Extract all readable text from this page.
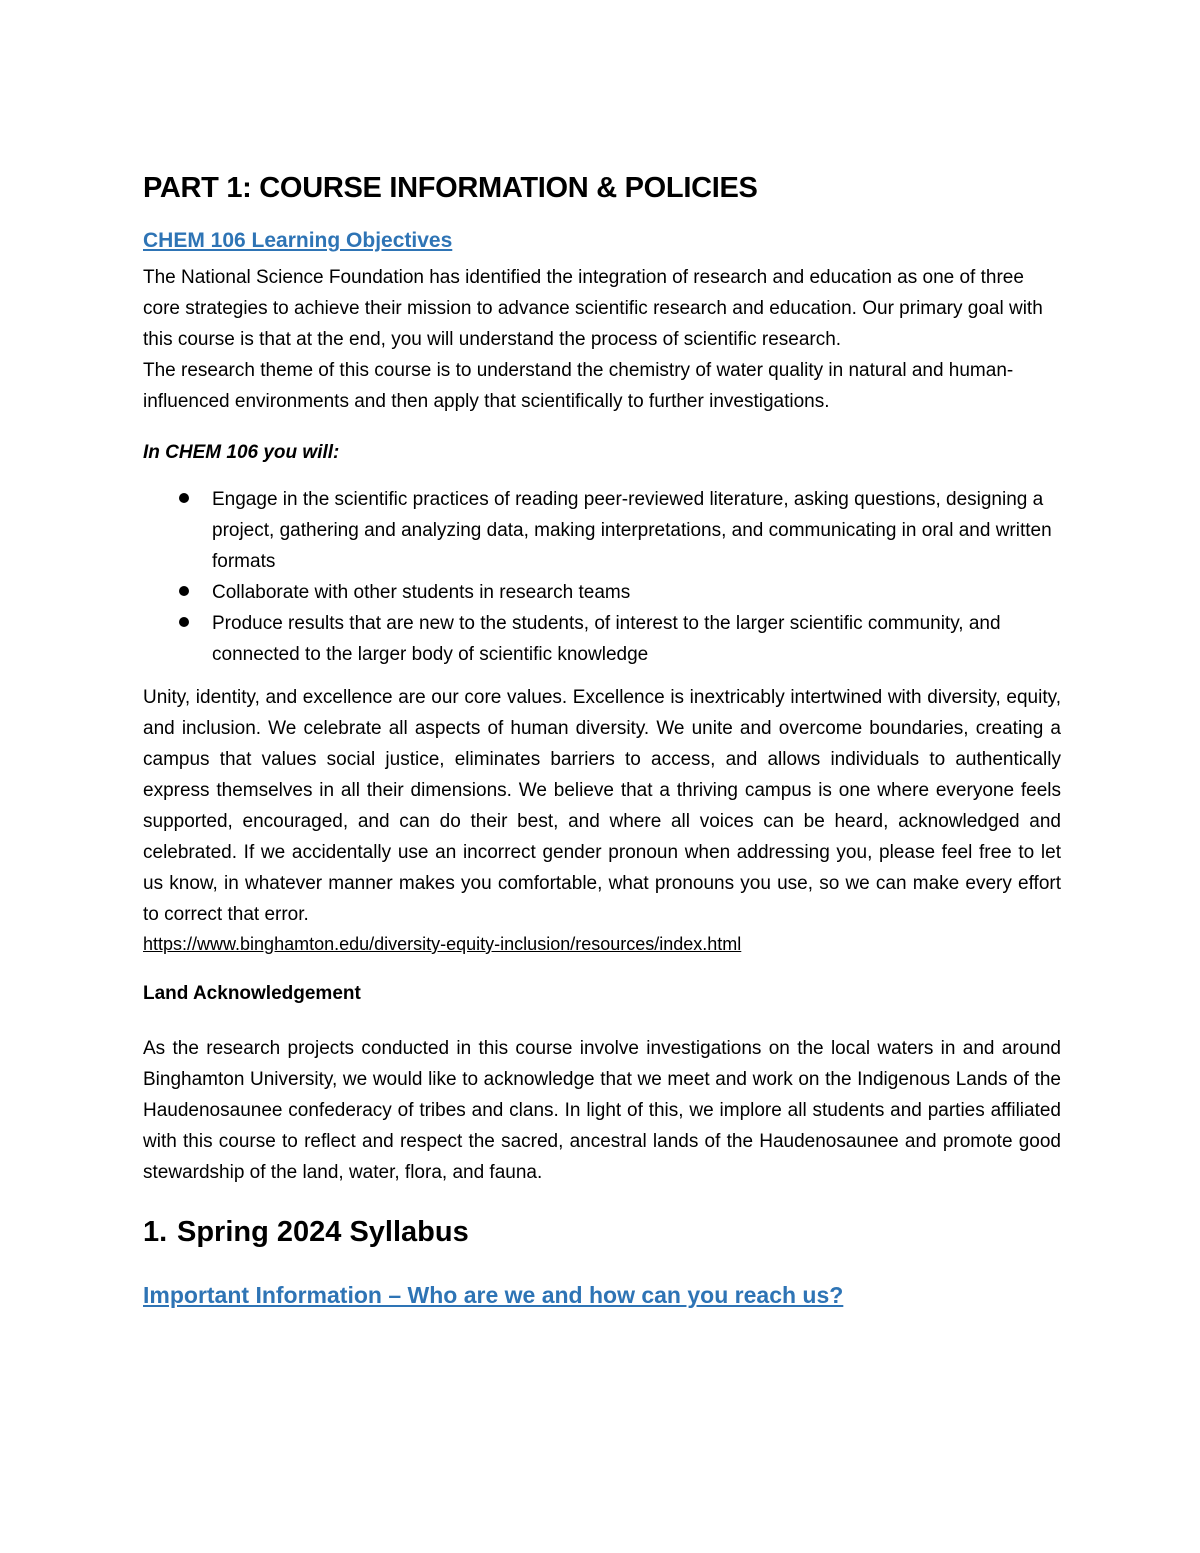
PART 1: COURSE INFORMATION & POLICIES
CHEM 106 Learning Objectives

The National Science Foundation has identified the integration of research and education as one of three core strategies to achieve their mission to advance scientific research and education. Our primary goal with this course is that at the end, you will understand the process of scientific research.

The research theme of this course is to understand the chemistry of water quality in natural and human-influenced environments and then apply that scientifically to further investigations.

In CHEM 106 you will:

Engage in the scientific practices of reading peer-reviewed literature, asking questions, designing a project, gathering and analyzing data, making interpretations, and communicating in oral and written formats
Collaborate with other students in research teams
Produce results that are new to the students, of interest to the larger scientific community, and connected to the larger body of scientific knowledge

Unity, identity, and excellence are our core values. Excellence is inextricably intertwined with diversity, equity, and inclusion. We celebrate all aspects of human diversity. We unite and overcome boundaries, creating a campus that values social justice, eliminates barriers to access, and allows individuals to authentically express themselves in all their dimensions. We believe that a thriving campus is one where everyone feels supported, encouraged, and can do their best, and where all voices can be heard, acknowledged and celebrated. If we accidentally use an incorrect gender pronoun when addressing you, please feel free to let us know, in whatever manner makes you comfortable, what pronouns you use, so we can make every effort to correct that error.

https://www.binghamton.edu/diversity-equity-inclusion/resources/index.html

Land Acknowledgement

As the research projects conducted in this course involve investigations on the local waters in and around Binghamton University, we would like to acknowledge that we meet and work on the Indigenous Lands of the Haudenosaunee confederacy of tribes and clans. In light of this, we implore all students and parties affiliated with this course to reflect and respect the sacred, ancestral lands of the Haudenosaunee and promote good stewardship of the land, water, flora, and fauna.

1. Spring 2024 Syllabus
Important Information – Who are we and how can you reach us?
